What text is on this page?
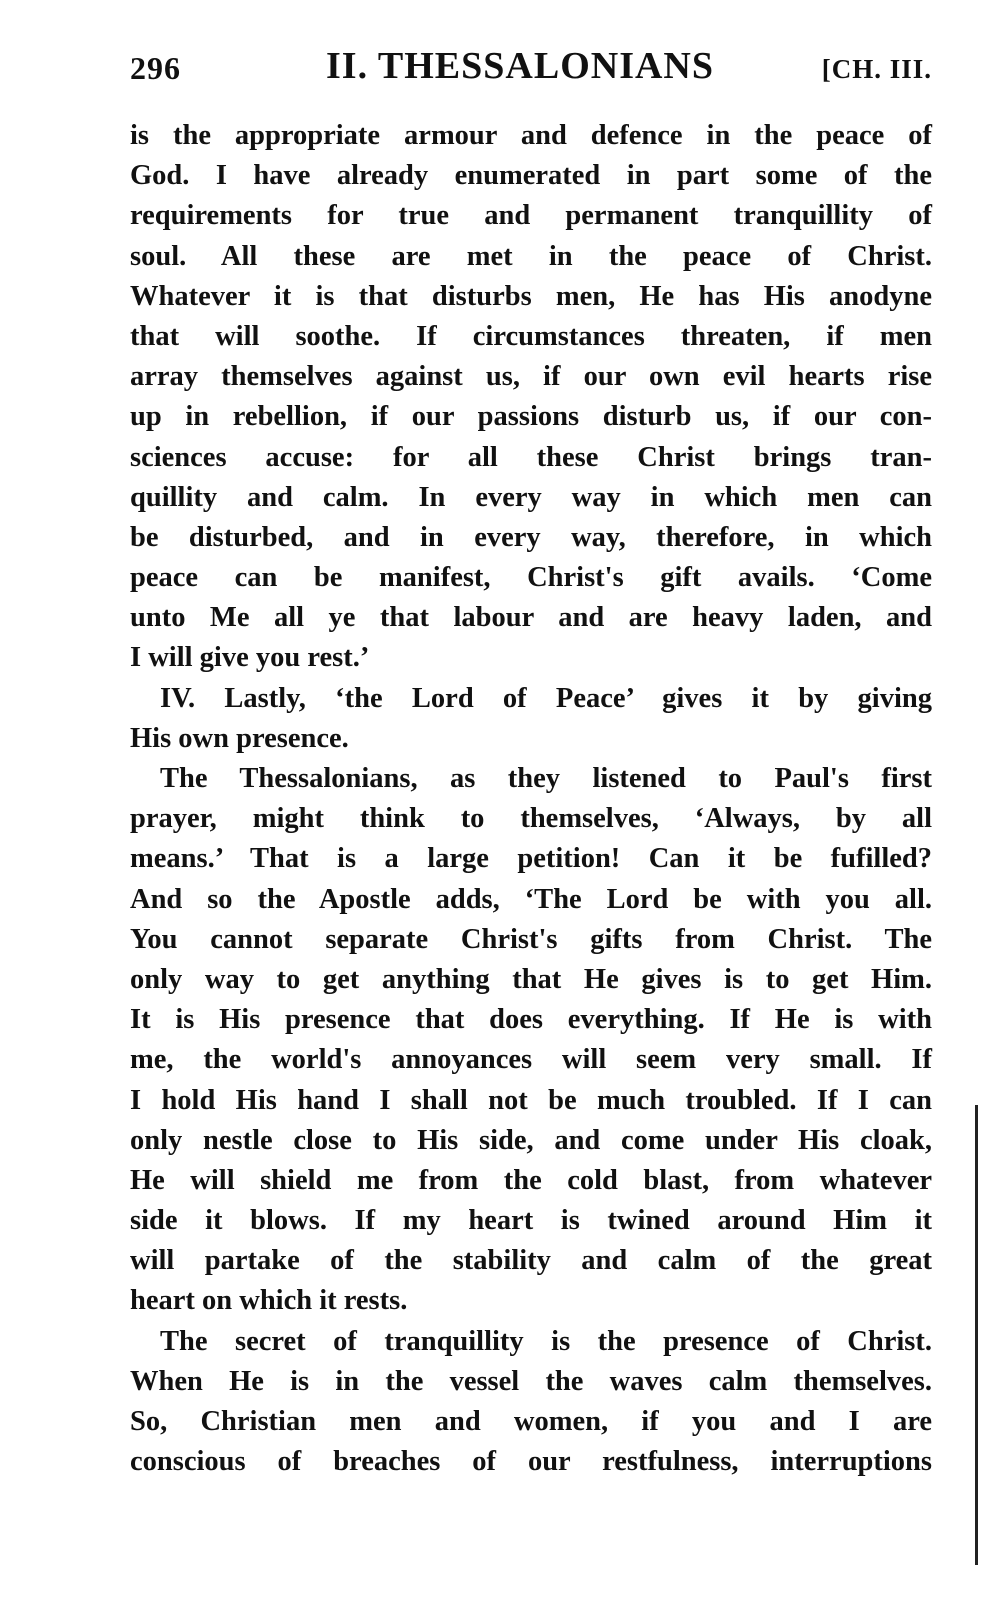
296	II. THESSALONIANS	[CH. III.
is the appropriate armour and defence in the peace of
God. I have already enumerated in part some of the
requirements for true and permanent tranquillity of
soul. All these are met in the peace of Christ.
Whatever it is that disturbs men, He has His anodyne
that will soothe. If circumstances threaten, if men
array themselves against us, if our own evil hearts rise
up in rebellion, if our passions disturb us, if our con-
sciences accuse: for all these Christ brings tran-
quillity and calm. In every way in which men can
be disturbed, and in every way, therefore, in which
peace can be manifest, Christ's gift avails. ‘Come
unto Me all ye that labour and are heavy laden, and
I will give you rest.’
IV. Lastly, ‘the Lord of Peace’ gives it by giving
His own presence.
The Thessalonians, as they listened to Paul's first
prayer, might think to themselves, ‘Always, by all
means.’ That is a large petition! Can it be fufilled?
And so the Apostle adds, ‘The Lord be with you all.
You cannot separate Christ's gifts from Christ. The
only way to get anything that He gives is to get Him.
It is His presence that does everything. If He is with
me, the world's annoyances will seem very small. If
I hold His hand I shall not be much troubled. If I can
only nestle close to His side, and come under His cloak,
He will shield me from the cold blast, from whatever
side it blows. If my heart is twined around Him it
will partake of the stability and calm of the great
heart on which it rests.
The secret of tranquillity is the presence of Christ.
When He is in the vessel the waves calm themselves.
So, Christian men and women, if you and I are
conscious of breaches of our restfulness, interruptions
